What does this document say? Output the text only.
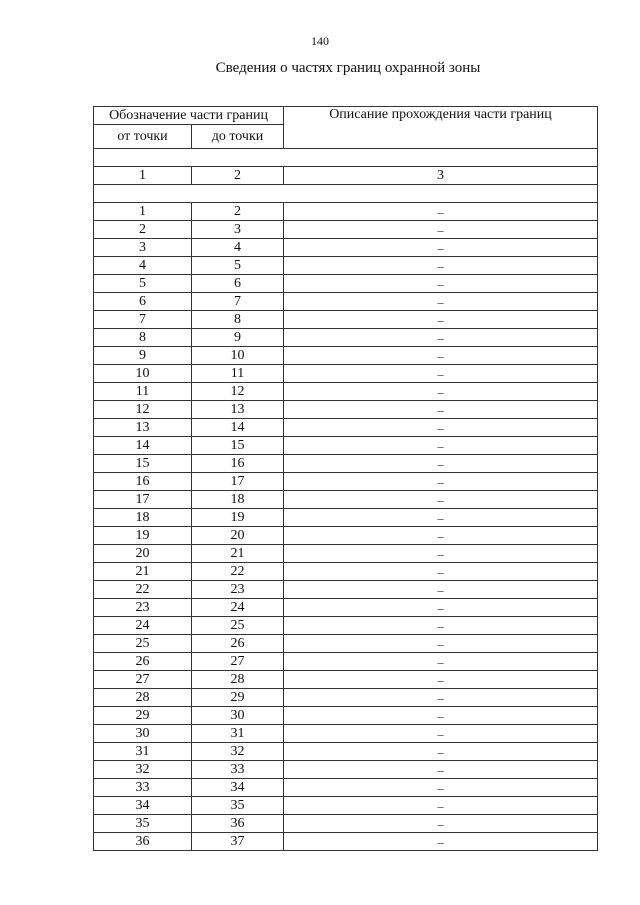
140
Сведения о частях границ охранной зоны
Обозначение части границ		Описание прохождения части границ
от точки	до точки	

1	2	3

1	2	–
2	3	–
3	4	–
4	5	–
5	6	–
6	7	–
7	8	–
8	9	–
9	10	–
10	11	–
11	12	–
12	13	–
13	14	–
14	15	–
15	16	–
16	17	–
17	18	–
18	19	–
19	20	–
20	21	–
21	22	–
22	23	–
23	24	–
24	25	–
25	26	–
26	27	–
27	28	–
28	29	–
29	30	–
30	31	–
31	32	–
32	33	–
33	34	–
34	35	–
35	36	–
36	37	–
